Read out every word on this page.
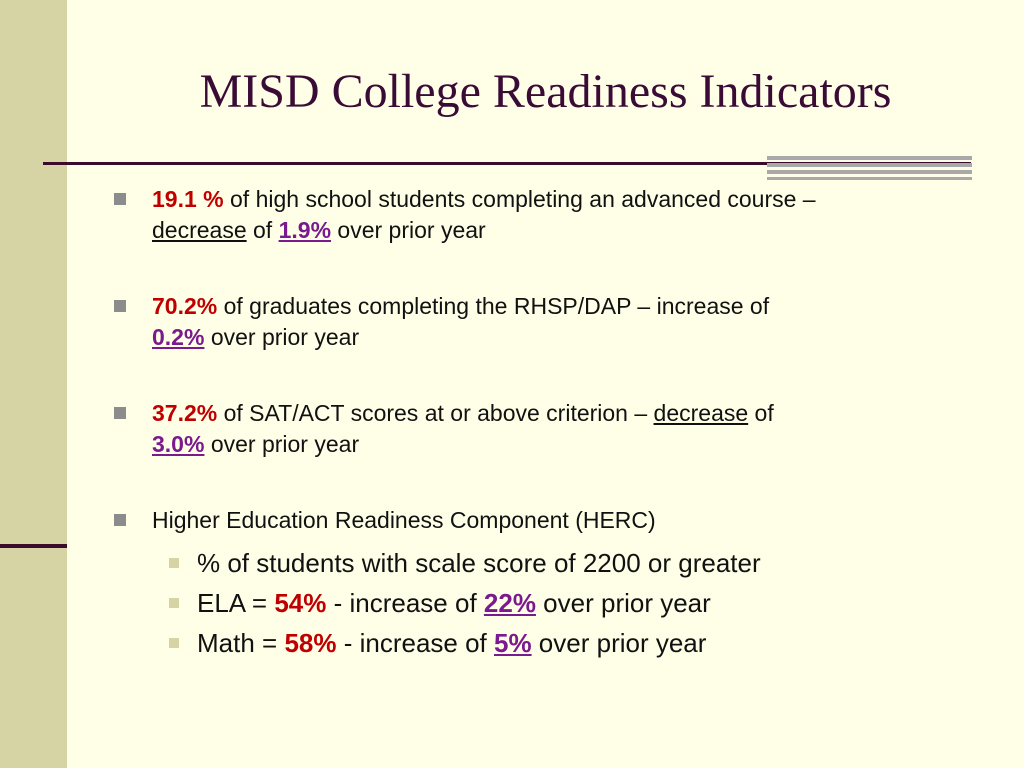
MISD College Readiness Indicators
19.1 % of high school students completing an advanced course –
decrease of 1.9% over prior year
70.2% of graduates completing the RHSP/DAP – increase of
0.2% over prior year
37.2% of SAT/ACT scores at or above criterion – decrease of
3.0% over prior year
Higher Education Readiness Component (HERC)
% of students with scale score of 2200 or greater
ELA = 54% - increase of 22% over prior year
Math = 58% - increase of 5% over prior year
